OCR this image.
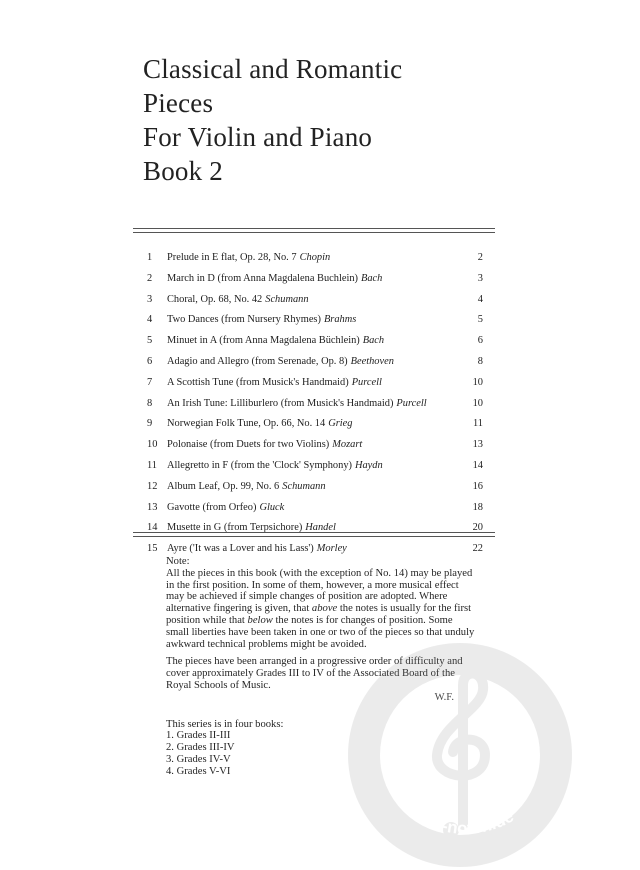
Classical and Romantic
Pieces
For Violin and Piano
Book 2
1 Prelude in E flat, Op. 28, No. 7 Chopin	2
2 March in D (from Anna Magdalena Buchlein) Bach	3
3 Choral, Op. 68, No. 42 Schumann	4
4 Two Dances (from Nursery Rhymes) Brahms	5
5 Minuet in A (from Anna Magdalena Büchlein) Bach	6
6 Adagio and Allegro (from Serenade, Op. 8) Beethoven	8
7 A Scottish Tune (from Musick's Handmaid) Purcell	10
8 An Irish Tune: Lilliburlero (from Musick's Handmaid) Purcell	10
9 Norwegian Folk Tune, Op. 66, No. 14 Grieg	11
10 Polonaise (from Duets for two Violins) Mozart	13
11 Allegretto in F (from the 'Clock' Symphony) Haydn	14
12 Album Leaf, Op. 99, No. 6 Schumann	16
13 Gavotte (from Orfeo) Gluck	18
14 Musette in G (from Terpsichore) Handel	20
15 Ayre ('It was a Lover and his Lass') Morley	22

Note:

All the pieces in this book (with the exception of No. 14) may be played in the first position. In some of them, however, a more musical effect may be achieved if simple changes of position are adopted. Where alternative fingering is given, that above the notes is usually for the first position while that below the notes is for changes of position. Some small liberties have been taken in one or two of the pieces so that unduly awkward technical problems might be avoided.

The pieces have been arranged in a progressive order of difficulty and cover approximately Grades III to IV of the Associated Board of the Royal Schools of Music.

W.F.

This series is in four books:

1. Grades II-III
2. Grades III-IV
3. Grades IV-V
4. Grades V-VI
alle-noten.de
